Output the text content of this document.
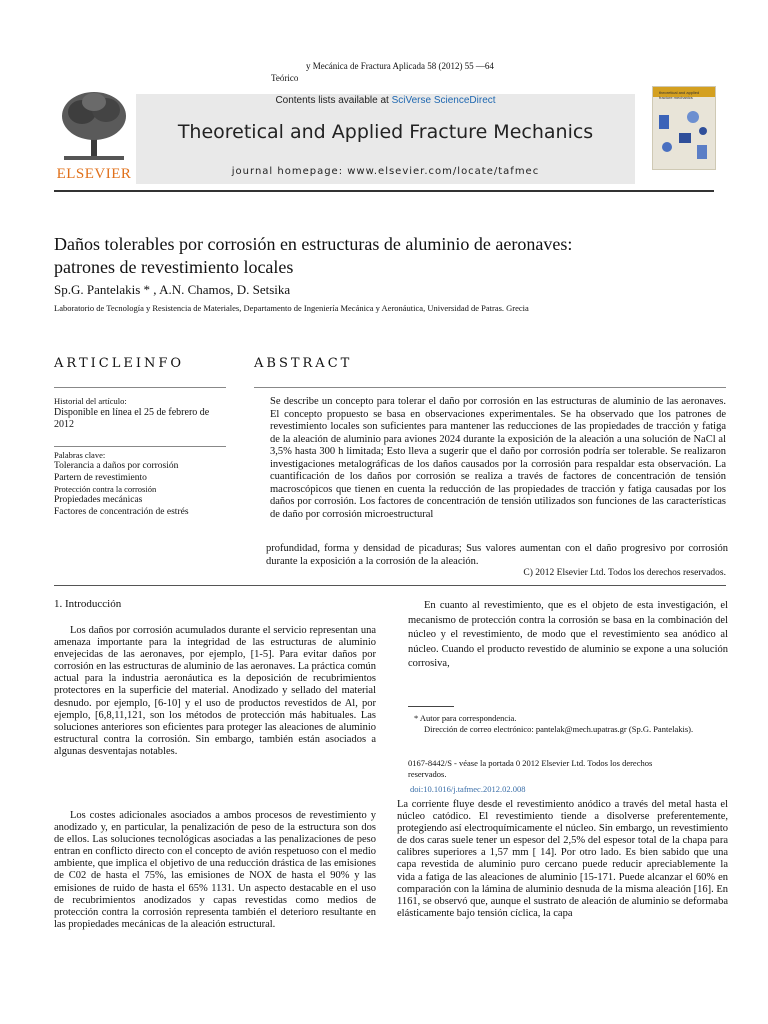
y Mecánica de Fractura Aplicada 58 (2012) 55 —64
Teórico
ELSEVIER
Contents lists available at SciVerse ScienceDirect
Theoretical and Applied Fracture Mechanics
journal homepage: www.elsevier.com/locate/tafmec
theoretical and applied fracture mechanics
Daños tolerables por corrosión en estructuras de aluminio de aeronaves:
patrones de revestimiento locales
Sp.G. Pantelakis * , A.N. Chamos, D. Setsika
Laboratorio de Tecnología y Resistencia de Materiales, Departamento de Ingeniería Mecánica y Aeronáutica, Universidad de Patras. Grecia
ARTICLEINFO
Historial del artículo:
Disponible en línea el 25 de febrero de
2012
Palabras clave:
Tolerancia a daños por corrosión
Partern de revestimiento
Protección contra la corrosión
Propiedades mecánicas
Factores de concentración de estrés
ABSTRACT
Se describe un concepto para tolerar el daño por corrosión en las estructuras de aluminio de las aeronaves. El concepto propuesto se basa en observaciones experimentales. Se ha observado que los patrones de revestimiento locales son suficientes para mantener las reducciones de las propiedades de tracción y fatiga de la aleación de aluminio para aviones 2024 durante la exposición de la aleación a una solución de NaCl al 3,5% hasta 300 h limitada; Esto lleva a sugerir que el daño por corrosión podría ser tolerable. Se realizaron investigaciones metalográficas de los daños causados por la corrosión para respaldar esta observación. La cuantificación de los daños por corrosión se realiza a través de factores de concentración de tensión macroscópicos que tienen en cuenta la reducción de las propiedades de tracción y fatiga causadas por los daños por corrosión. Los factores de concentración de tensión utilizados son funciones de las características de daño por corrosión microestructural
profundidad, forma y densidad de picaduras; Sus valores aumentan con el daño progresivo por corrosión durante la exposición a la corrosión de la aleación.
C) 2012 Elsevier Ltd. Todos los derechos reservados.
1. Introducción
Los daños por corrosión acumulados durante el servicio representan una amenaza importante para la integridad de las estructuras de aluminio envejecidas de las aeronaves, por ejemplo, [1-5]. Para evitar daños por corrosión en las estructuras de aluminio de las aeronaves. La práctica común actual para la industria aeronáutica es la deposición de recubrimientos protectores en la superficie del material. Anodizado y sellado del material desnudo. por ejemplo, [6-10] y el uso de productos revestidos de Al, por ejemplo, [6,8,11,121, son los métodos de protección más habituales. Las soluciones anteriores son eficientes para proteger las aleaciones de aluminio estructural contra la corrosión. Sin embargo, también están asociados a algunas desventajas notables.
Los costes adicionales asociados a ambos procesos de revestimiento y anodizado y, en particular, la penalización de peso de la estructura son dos de ellos. Las soluciones tecnológicas asociadas a las penalizaciones de peso entran en conflicto directo con el concepto de avión respetuoso con el medio ambiente, que implica el objetivo de una reducción drástica de las emisiones de C02 de hasta el 75%, las emisiones de NOX de hasta el 90% y las emisiones de ruido de hasta el 65% 1131. Un aspecto destacable en el uso de recubrimientos anodizados y capas revestidas como medios de protección contra la corrosión representa también el deterioro resultante en las propiedades mecánicas de la aleación estructural.
En cuanto al revestimiento, que es el objeto de esta investigación, el mecanismo de protección contra la corrosión se basa en la combinación del núcleo y el revestimiento, de modo que el revestimiento sea anódico al núcleo. Cuando el producto revestido de aluminio se expone a una solución corrosiva,
* Autor para correspondencia.
Dirección de correo electrónico: pantelak@mech.upatras.gr (Sp.G. Pantelakis).
0167-8442/S - véase la portada 0 2012 Elsevier Ltd. Todos los derechos reservados.
doi:10.1016/j.tafmec.2012.02.008
La corriente fluye desde el revestimiento anódico a través del metal hasta el núcleo catódico. El revestimiento tiende a disolverse preferentemente, protegiendo así electroquímicamente el núcleo. Sin embargo, un revestimiento de dos caras suele tener un espesor del 2,5% del espesor total de la chapa para calibres superiores a 1,57 mm [ 14]. Por otro lado. Es bien sabido que una capa revestida de aluminio puro cercano puede reducir apreciablemente la vida a fatiga de las aleaciones de aluminio [15-171. Puede alcanzar el 60% en comparación con la lámina de aluminio desnuda de la misma aleación [16]. En 1161, se observó que, aunque el sustrato de aleación de aluminio se deformaba elásticamente bajo tensión cíclica, la capa
